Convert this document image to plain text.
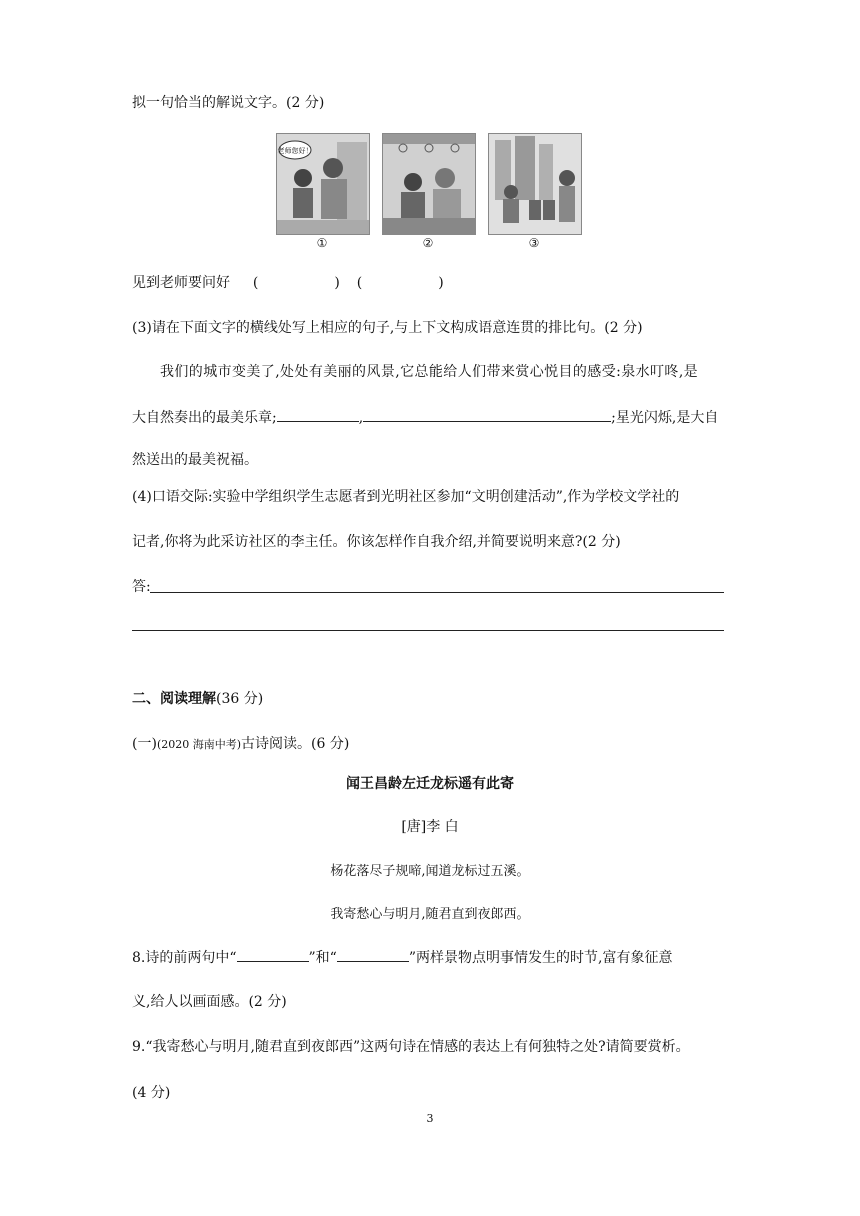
拟一句恰当的解说文字。(2 分)
老师您好！
①	②	③
见到老师要问好 (	) (	)
(3)请在下面文字的横线处写上相应的句子,与上下文构成语意连贯的排比句。(2 分)
我们的城市变美了,处处有美丽的风景,它总能给人们带来赏心悦目的感受:泉水叮咚,是
大自然奏出的最美乐章;	,	;星光闪烁,是大自
然送出的最美祝福。
(4)口语交际:实验中学组织学生志愿者到光明社区参加“文明创建活动”,作为学校文学社的
记者,你将为此采访社区的李主任。你该怎样作自我介绍,并简要说明来意?(2 分)
答:
二、阅读理解(36 分)
(一)(2020 海南中考)古诗阅读。(6 分)
闻王昌龄左迁龙标遥有此寄
[唐]李 白
杨花落尽子规啼,闻道龙标过五溪。
我寄愁心与明月,随君直到夜郎西。
8.诗的前两句中“	”和“	”两样景物点明事情发生的时节,富有象征意
义,给人以画面感。(2 分)
9.“我寄愁心与明月,随君直到夜郎西”这两句诗在情感的表达上有何独特之处?请简要赏析。
(4 分)
3
